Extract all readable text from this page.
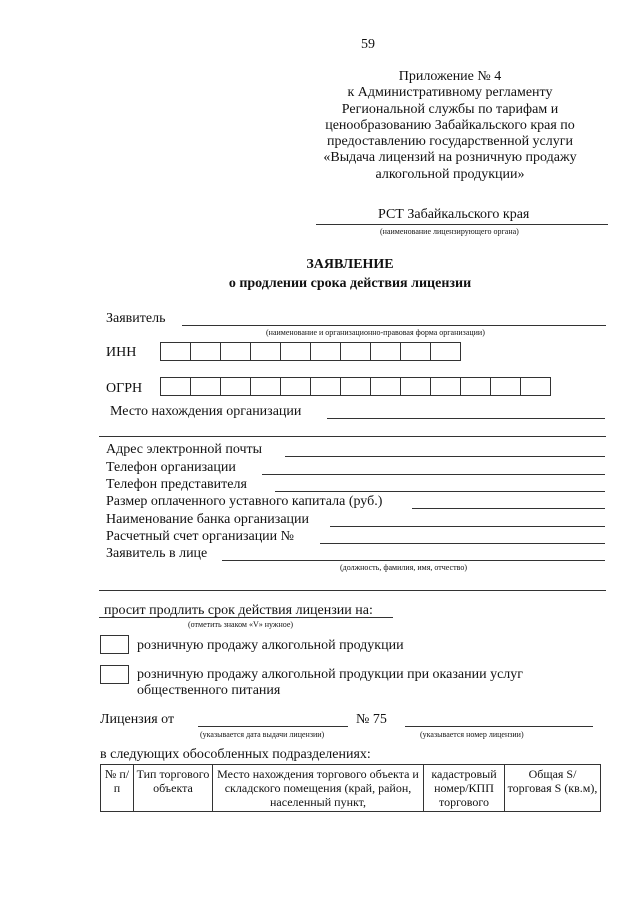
59
Приложение № 4
к Административному регламенту
Региональной службы по тарифам и
ценообразованию Забайкальского края по
предоставлению государственной услуги
«Выдача лицензий на розничную продажу
алкогольной продукции»
РСТ Забайкальского края
(наименование лицензирующего органа)
ЗАЯВЛЕНИЕ
о продлении срока действия лицензии
Заявитель
(наименование и организационно-правовая форма организации)
ИНН
ОГРН
Место нахождения организации
Адрес электронной почты
Телефон организации
Телефон представителя
Размер оплаченного уставного капитала (руб.)
Наименование банка организации
Расчетный счет организации №
Заявитель в лице
(должность, фамилия, имя, отчество)
просит продлить срок действия лицензии на:
(отметить знаком «V» нужное)
розничную продажу алкогольной продукции
розничную продажу алкогольной продукции при оказании услуг
общественного питания
Лицензия от	№ 75
(указывается дата выдачи лицензии)	(указывается номер лицензии)
в следующих обособленных подразделениях:
№ п/п	Тип торгового объекта	Место нахождения торгового объекта и складского помещения (край, район, населенный пункт,	кадастровый номер/КПП торгового	Общая S/ торговая S (кв.м),
